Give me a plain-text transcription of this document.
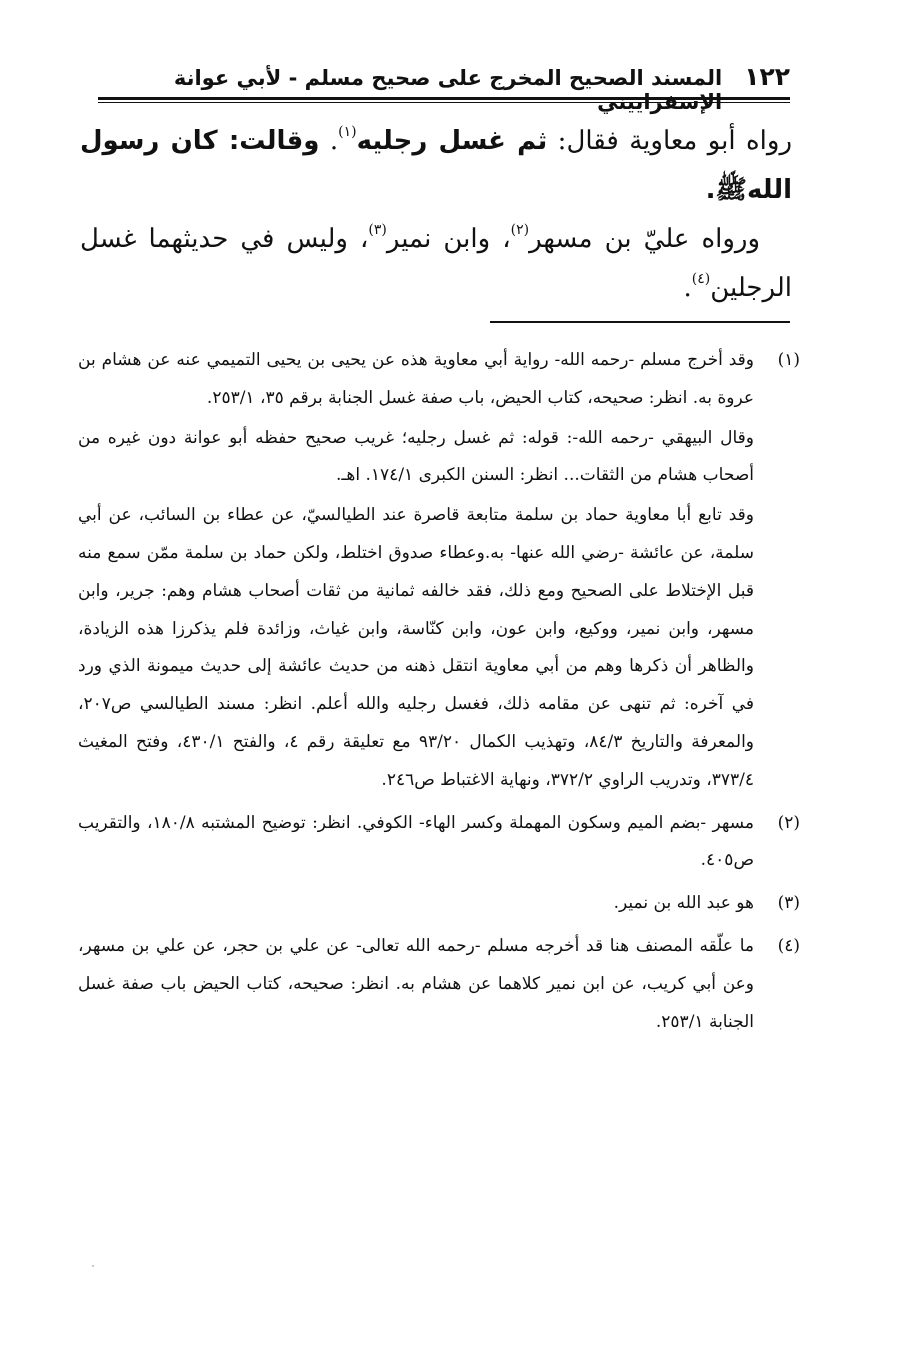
١٢٢
المسند الصحيح المخرج على صحيح مسلم - لأبي عوانة

رواه أبو معاوية فقال: ثم غسل رجليه$^{(١)}$. وقالت: كان رسول اللهﷺ.

ورواه عليّ بن مسهر$^{(٢)}$، وابن نمير$^{(٣)}$، وليس في حديثهما غسل الرجلين$^{(٤)}$.

(١)

وقد أخرج مسلم -رحمه الله- رواية أبي معاوية هذه عن يحيى بن يحيى التميمي عنه عن هشام بن عروة به. انظر: صحيحه، كتاب الحيض، باب صفة غسل الجنابة برقم ٣٥، ٢٥٣/١.

وقال البيهقي -رحمه الله-: قوله: ثم غسل رجليه؛ غريب صحيح حفظه أبو عوانة دون غيره من أصحاب هشام من الثقات... انظر: السنن الكبرى ١٧٤/١. اهـ.

وقد تابع أبا معاوية حماد بن سلمة متابعة قاصرة عند الطيالسيّ، عن عطاء بن السائب، عن أبي سلمة، عن عائشة -رضي الله عنها- به.وعطاء صدوق اختلط، ولكن حماد بن سلمة ممّن سمع منه قبل الإختلاط على الصحيح ومع ذلك، فقد خالفه ثمانية من ثقات أصحاب هشام وهم: جرير، وابن مسهر، وابن نمير، ووكيع، وابن عون، وابن كنّاسة، وابن غياث، وزائدة فلم يذكرزا هذه الزيادة، والظاهر أن ذكرها وهم من أبي معاوية انتقل ذهنه من حديث عائشة إلى حديث ميمونة الذي ورد في آخره: ثم تنهى عن مقامه ذلك، فغسل رجليه والله أعلم. انظر: مسند الطيالسي ص٢٠٧، والمعرفة والتاريخ ٨٤/٣، وتهذيب الكمال ٩٣/٢٠ مع تعليقة رقم ٤، والفتح ٤٣٠/١، وفتح المغيث ٣٧٣/٤، وتدريب الراوي ٣٧٢/٢، ونهاية الاغتباط ص٢٤٦.

(٢)

مسهر -بضم الميم وسكون المهملة وكسر الهاء- الكوفي. انظر: توضيح المشتبه ١٨٠/٨، والتقريب ص٤٠٥.

(٣)

هو عبد الله بن نمير.

(٤)

ما علّقه المصنف هنا قد أخرجه مسلم -رحمه الله تعالى- عن علي بن حجر، عن علي بن مسهر، وعن أبي كريب، عن ابن نمير كلاهما عن هشام به. انظر: صحيحه، كتاب الحيض باب صفة غسل الجنابة ٢٥٣/١.
